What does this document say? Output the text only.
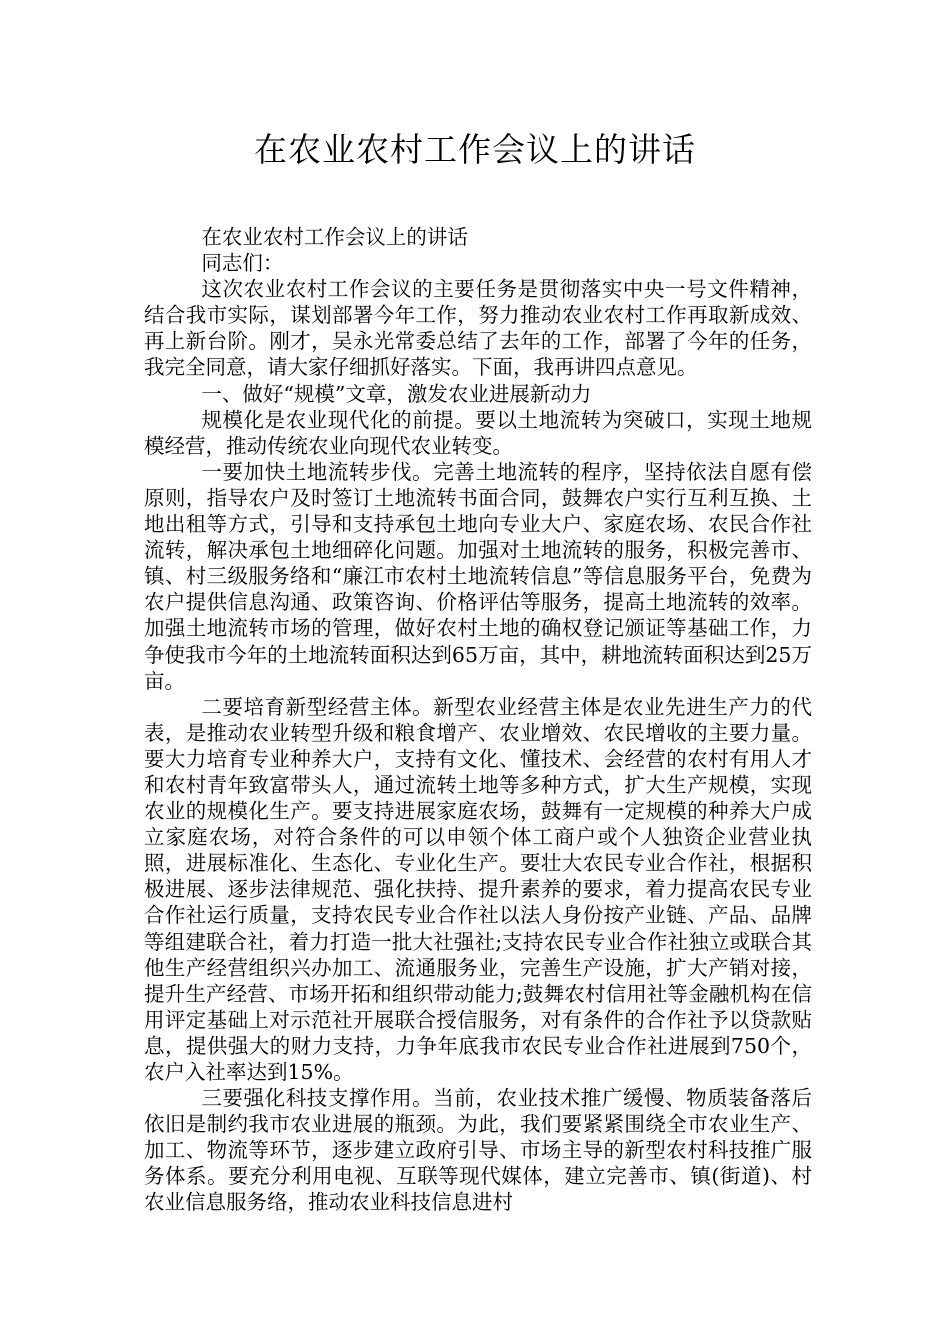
在农业农村工作会议上的讲话

在农业农村工作会议上的讲话

同志们：

这次农业农村工作会议的主要任务是贯彻落实中央一号文件精神，结合我市实际，谋划部署今年工作，努力推动农业农村工作再取新成效、再上新台阶。刚才，吴永光常委总结了去年的工作，部署了今年的任务，我完全同意，请大家仔细抓好落实。下面，我再讲四点意见。

一、做好“规模”文章，激发农业进展新动力

规模化是农业现代化的前提。要以土地流转为突破口，实现土地规模经营，推动传统农业向现代农业转变。

一要加快土地流转步伐。完善土地流转的程序，坚持依法自愿有偿原则，指导农户及时签订土地流转书面合同，鼓舞农户实行互利互换、土地出租等方式，引导和支持承包土地向专业大户、家庭农场、农民合作社流转，解决承包土地细碎化问题。加强对土地流转的服务，积极完善市、镇、村三级服务络和“廉江市农村土地流转信息”等信息服务平台，免费为农户提供信息沟通、政策咨询、价格评估等服务，提高土地流转的效率。加强土地流转市场的管理，做好农村土地的确权登记颁证等基础工作，力争使我市今年的土地流转面积达到65万亩，其中，耕地流转面积达到25万亩。

二要培育新型经营主体。新型农业经营主体是农业先进生产力的代表，是推动农业转型升级和粮食增产、农业增效、农民增收的主要力量。要大力培育专业种养大户，支持有文化、懂技术、会经营的农村有用人才和农村青年致富带头人，通过流转土地等多种方式，扩大生产规模，实现农业的规模化生产。要支持进展家庭农场，鼓舞有一定规模的种养大户成立家庭农场，对符合条件的可以申领个体工商户或个人独资企业营业执照，进展标准化、生态化、专业化生产。要壮大农民专业合作社，根据积极进展、逐步法律规范、强化扶持、提升素养的要求，着力提高农民专业合作社运行质量，支持农民专业合作社以法人身份按产业链、产品、品牌等组建联合社，着力打造一批大社强社;支持农民专业合作社独立或联合其他生产经营组织兴办加工、流通服务业，完善生产设施，扩大产销对接，提升生产经营、市场开拓和组织带动能力;鼓舞农村信用社等金融机构在信用评定基础上对示范社开展联合授信服务，对有条件的合作社予以贷款贴息，提供强大的财力支持，力争年底我市农民专业合作社进展到750个，农户入社率达到15%。

三要强化科技支撑作用。当前，农业技术推广缓慢、物质装备落后依旧是制约我市农业进展的瓶颈。为此，我们要紧紧围绕全市农业生产、加工、物流等环节，逐步建立政府引导、市场主导的新型农村科技推广服务体系。要充分利用电视、互联等现代媒体，建立完善市、镇(街道)、村农业信息服务络，推动农业科技信息进村
